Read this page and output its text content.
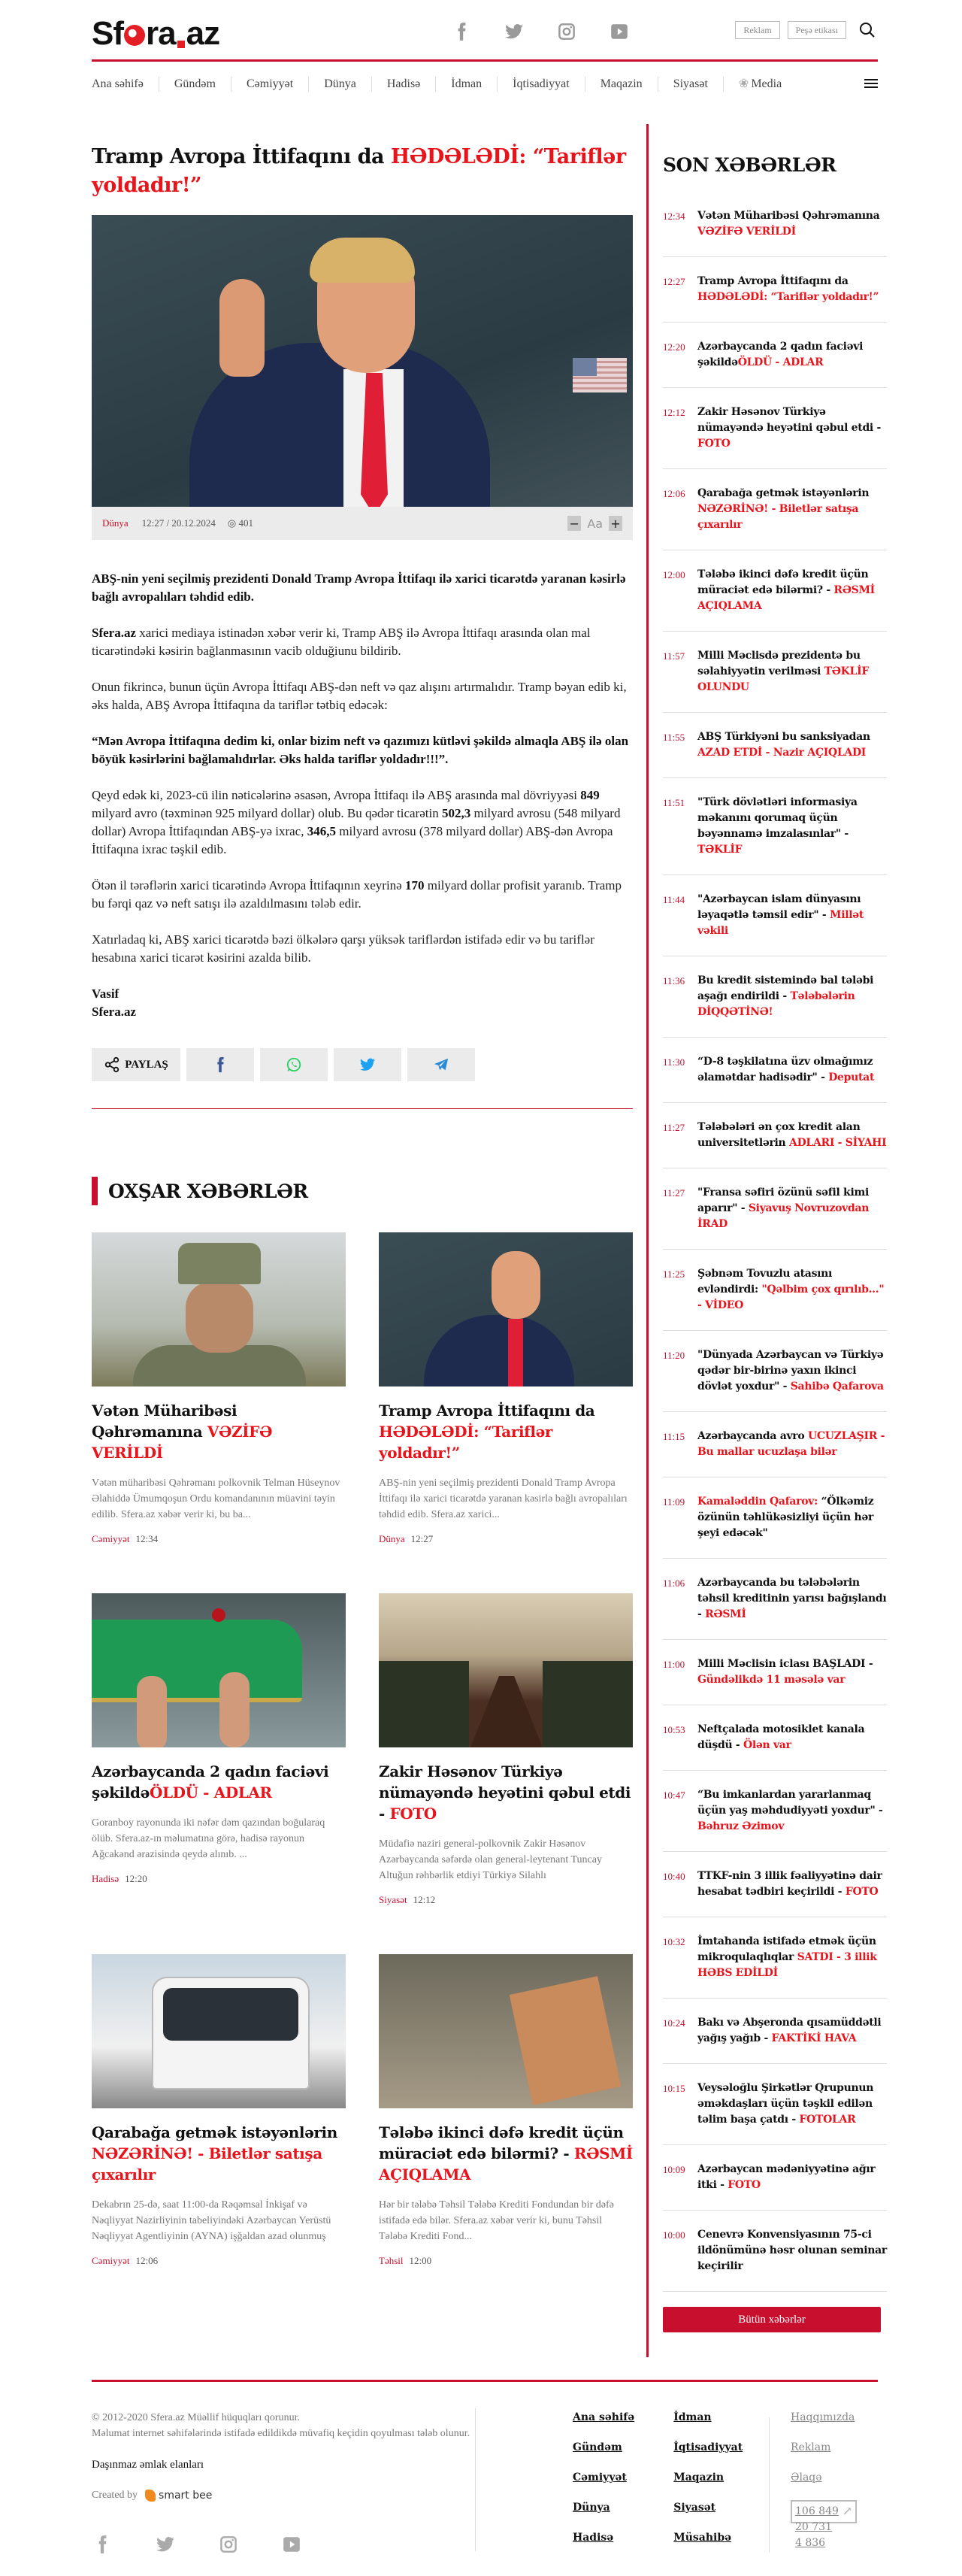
S f ra az	Reklam	Peşə etikası
Ana səhifə	Gündəm	Cəmiyyət	Dünya	Hadisə	İdman	İqtisadiyyat	Maqazin	Siyasət	❀ Media
Tramp Avropa İttifaqını da HƏDƏLƏDİ: “Tariflər yoldadır!”
Dünya 12:27 / 20.12.2024	◎ 401	− Aa +

ABŞ-nin yeni seçilmiş prezidenti Donald Tramp Avropa İttifaqı ilə xarici ticarətdə yaranan kəsirlə bağlı avropalıları təhdid edib.

Sfera.az xarici mediaya istinadən xəbər verir ki, Tramp ABŞ ilə Avropa İttifaqı arasında olan mal ticarətindəki kəsirin bağlanmasının vacib olduğiunu bildirib.

Onun fikrincə, bunun üçün Avropa İttifaqı ABŞ-dən neft və qaz alışını artırmalıdır. Tramp bəyan edib ki, əks halda, ABŞ Avropa İttifaqına da tariflər tətbiq edəcək:

“Mən Avropa İttifaqına dedim ki, onlar bizim neft və qazımızı kütləvi şəkildə almaqla ABŞ ilə olan böyük kəsirlərini bağlamalıdırlar. Əks halda tariflər yoldadır!!!”.

Qeyd edək ki, 2023-cü ilin nəticələrinə əsasən, Avropa İttifaqı ilə ABŞ arasında mal dövriyyəsi 849 milyard avro (təxminən 925 milyard dollar) olub. Bu qədər ticarətin 502,3 milyard avrosu (548 milyard dollar) Avropa İttifaqından ABŞ-yə ixrac, 346,5 milyard avrosu (378 milyard dollar) ABŞ-dən Avropa İttifaqına ixrac təşkil edib.

Ötən il tərəflərin xarici ticarətində Avropa İttifaqının xeyrinə 170 milyard dollar profisit yaranıb. Tramp bu fərqi qaz və neft satışı ilə azaldılmasını tələb edir.

Xatırladaq ki, ABŞ xarici ticarətdə bəzi ölkələrə qarşı yüksək tariflərdən istifadə edir və bu tariflər hesabına xarici ticarət kəsirini azalda bilib.

Vasif
Sfera.az

PAYLAŞ
OXŞAR XƏBƏRLƏR
Vətən Müharibəsi Qəhrəmanına VƏZİFƏ VERİLDİ

Vətən müharibəsi Qəhrəmanı polkovnik Telman Hüseynov Əlahiddə Ümumqoşun Ordu komandanının müavini təyin edilib. Sfera.az xəbər verir ki, bu ba...

Cəmiyyət 12:34
Tramp Avropa İttifaqını da HƏDƏLƏDİ: “Tariflər yoldadır!”

ABŞ-nin yeni seçilmiş prezidenti Donald Tramp Avropa İttifaqı ilə xarici ticarətdə yaranan kəsirlə bağlı avropalıları təhdid edib. Sfera.az xarici...

Dünya 12:27
Azərbaycanda 2 qadın faciəvi şəkildəÖLDÜ - ADLAR

Goranboy rayonunda iki nəfər dəm qazından boğularaq ölüb. Sfera.az-ın məlumatına görə, hadisə rayonun Ağcakənd ərazisində qeydə alınıb. ...

Hadisə 12:20
Zakir Həsənov Türkiyə nümayəndə heyətini qəbul etdi - FOTO

Müdafiə naziri general-polkovnik Zakir Həsənov Azərbaycanda səfərdə olan general-leytenant Tuncay Altuğun rəhbərlik etdiyi Türkiyə Silahlı

Siyasət 12:12
Qarabağa getmək istəyənlərin NƏZƏRİNƏ! - Biletlər satışa çıxarılır

Dekabrın 25-də, saat 11:00-da Rəqəmsal İnkişaf və Nəqliyyat Nazirliyinin tabeliyindəki Azərbaycan Yerüstü Nəqliyyat Agentliyinin (AYNA) işğaldan azad olunmuş

Cəmiyyət 12:06
Tələbə ikinci dəfə kredit üçün müraciət edə bilərmi? - RƏSMİ AÇIQLAMA

Hər bir tələbə Təhsil Tələbə Krediti Fondundan bir dəfə istifadə edə bilər. Sfera.az xəbər verir ki, bunu Təhsil Tələbə Krediti Fond...

Təhsil 12:00
SON XƏBƏRLƏR
12:34	Vətən Müharibəsi Qəhrəmanına VƏZİFƏ VERİLDİ
12:27	Tramp Avropa İttifaqını da HƏDƏLƏDİ: “Tariflər yoldadır!”
12:20	Azərbaycanda 2 qadın faciəvi şəkildəÖLDÜ - ADLAR
12:12	Zakir Həsənov Türkiyə nümayəndə heyətini qəbul etdi - FOTO
12:06	Qarabağa getmək istəyənlərin NƏZƏRİNƏ! - Biletlər satışa çıxarılır
12:00	Tələbə ikinci dəfə kredit üçün müraciət edə bilərmi? - RƏSMİ AÇIQLAMA
11:57	Milli Məclisdə prezidentə bu səlahiyyətin verilməsi TƏKLİF OLUNDU
11:55	ABŞ Türkiyəni bu sanksiyadan AZAD ETDİ - Nazir AÇIQLADI
11:51	"Türk dövlətləri informasiya məkanını qorumaq üçün bəyənnamə imzalasınlar" - TƏKLİF
11:44	"Azərbaycan islam dünyasını ləyaqətlə təmsil edir" - Millət vəkili
11:36	Bu kredit sistemində bal tələbi aşağı endirildi - Tələbələrin DİQQƏTİNƏ!
11:30	“D-8 təşkilatına üzv olmağımız əlamətdar hadisədir" - Deputat
11:27	Tələbələri ən çox kredit alan universitetlərin ADLARI - SİYAHI
11:27	"Fransa səfiri özünü səfil kimi aparır" - Siyavuş Novruzovdan İRAD
11:25	Şəbnəm Tovuzlu atasını evləndirdi: "Qəlbim çox qırılıb..." - VİDEO
11:20	"Dünyada Azərbaycan və Türkiyə qədər bir-birinə yaxın ikinci dövlət yoxdur" - Sahibə Qafarova
11:15	Azərbaycanda avro UCUZLAŞIR - Bu mallar ucuzlaşa bilər
11:09	Kamaləddin Qafarov: “Ölkəmiz özünün təhlükəsizliyi üçün hər şeyi edəcək"
11:06	Azərbaycanda bu tələbələrin təhsil kreditinin yarısı bağışlandı - RƏSMİ
11:00	Milli Məclisin iclası BAŞLADI - Gündəlikdə 11 məsələ var
10:53	Neftçalada motosiklet kanala düşdü - Ölən var
10:47	“Bu imkanlardan yararlanmaq üçün yaş məhdudiyyəti yoxdur" - Bəhruz Əzimov
10:40	TTKF-nin 3 illik fəaliyyətinə dair hesabat tədbiri keçirildi - FOTO
10:32	İmtahanda istifadə etmək üçün mikroqulaqlıqlar SATDI - 3 illik HƏBS EDİLDİ
10:24	Bakı və Abşeronda qısamüddətli yağış yağıb - FAKTİKİ HAVA
10:15	Veysəloğlu Şirkətlər Qrupunun əməkdaşları üçün təşkil edilən təlim başa çatdı - FOTOLAR
10:09	Azərbaycan mədəniyyətinə ağır itki - FOTO
10:00	Cenevrə Konvensiyasının 75-ci ildönümünə həsr olunan seminar keçirilir
Bütün xəbərlər
© 2012-2020 Sfera.az Müəllif hüquqları qorunur.
Məlumat internet səhifələrində istifadə edildikdə müvafiq keçidin qoyulması tələb olunur.
Daşınmaz əmlak elanları
Created by smart bee
Ana səhifə
Gündəm
Cəmiyyət
Dünya
Hadisə
İdman
İqtisadiyyat
Maqazin
Siyasət
Müsahibə
Haqqımızda
Reklam
Əlaqə
106 849
20 731
4 836
↗
